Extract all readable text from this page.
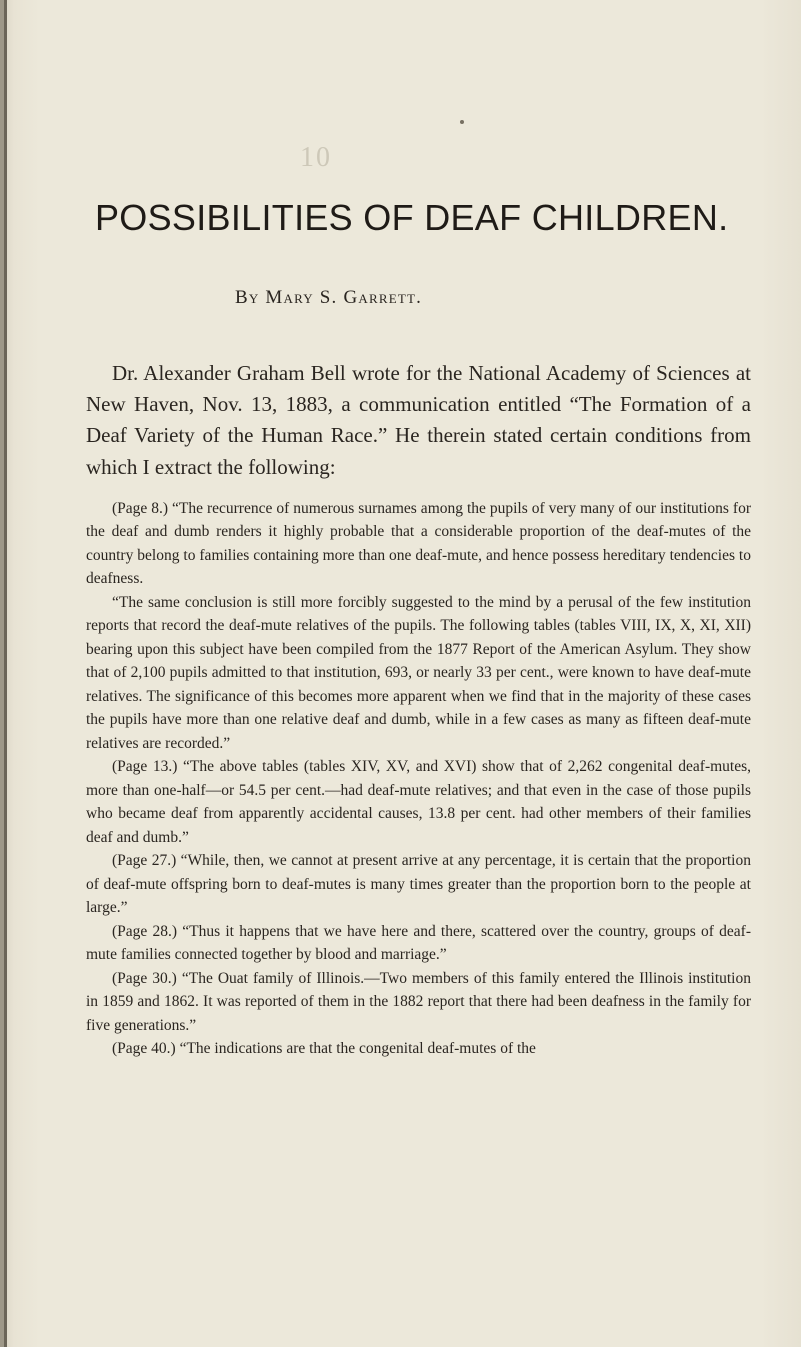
10
POSSIBILITIES OF DEAF CHILDREN.

By Mary S. Garrett.

Dr. Alexander Graham Bell wrote for the National Academy of Sciences at New Haven, Nov. 13, 1883, a communication entitled “The Formation of a Deaf Variety of the Human Race.” He therein stated certain conditions from which I extract the following:

(Page 8.) “The recurrence of numerous surnames among the pupils of very many of our institutions for the deaf and dumb renders it highly probable that a considerable proportion of the deaf-mutes of the country belong to families containing more than one deaf-mute, and hence possess hereditary tendencies to deafness.

“The same conclusion is still more forcibly suggested to the mind by a perusal of the few institution reports that record the deaf-mute relatives of the pupils. The following tables (tables VIII, IX, X, XI, XII) bearing upon this subject have been compiled from the 1877 Report of the American Asylum. They show that of 2,100 pupils admitted to that institution, 693, or nearly 33 per cent., were known to have deaf-mute relatives. The significance of this becomes more apparent when we find that in the majority of these cases the pupils have more than one relative deaf and dumb, while in a few cases as many as fifteen deaf-mute relatives are recorded.”

(Page 13.) “The above tables (tables XIV, XV, and XVI) show that of 2,262 congenital deaf-mutes, more than one-half—or 54.5 per cent.—had deaf-mute relatives; and that even in the case of those pupils who became deaf from apparently accidental causes, 13.8 per cent. had other members of their families deaf and dumb.”

(Page 27.) “While, then, we cannot at present arrive at any percentage, it is certain that the proportion of deaf-mute offspring born to deaf-mutes is many times greater than the proportion born to the people at large.”

(Page 28.) “Thus it happens that we have here and there, scattered over the country, groups of deaf-mute families connected together by blood and marriage.”

(Page 30.) “The Ouat family of Illinois.—Two members of this family entered the Illinois institution in 1859 and 1862. It was reported of them in the 1882 report that there had been deafness in the family for five generations.”

(Page 40.) “The indications are that the congenital deaf-mutes of the
